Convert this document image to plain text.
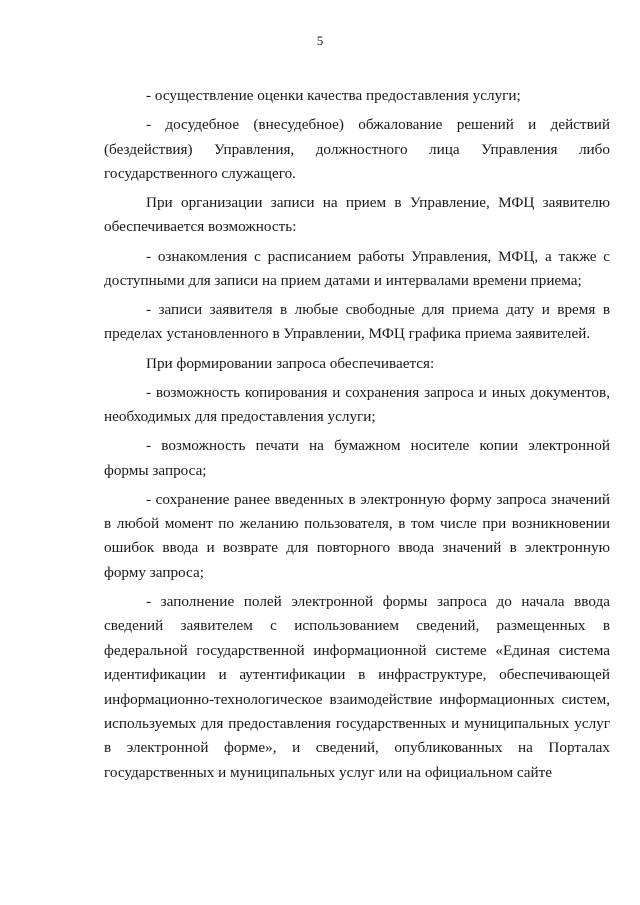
5
- осуществление оценки качества предоставления услуги;
- досудебное (внесудебное) обжалование решений и действий
(бездействия) Управления, должностного лица Управления либо
государственного служащего.
При организации записи на прием в Управление, МФЦ заявителю
обеспечивается возможность:
- ознакомления с расписанием работы Управления, МФЦ, а также с
доступными для записи на прием датами и интервалами времени приема;
- записи заявителя в любые свободные для приема дату и время в
пределах установленного в Управлении, МФЦ графика приема заявителей.
При формировании запроса обеспечивается:
- возможность копирования и сохранения запроса и иных документов,
необходимых для предоставления услуги;
- возможность печати на бумажном носителе копии электронной
формы запроса;
- сохранение ранее введенных в электронную форму запроса значений
в любой момент по желанию пользователя, в том числе при возникновении
ошибок ввода и возврате для повторного ввода значений в электронную
форму запроса;
- заполнение полей электронной формы запроса до начала ввода
сведений заявителем с использованием сведений, размещенных в
федеральной государственной информационной системе «Единая система
идентификации и аутентификации в инфраструктуре, обеспечивающей
информационно-технологическое взаимодействие информационных систем,
используемых для предоставления государственных и муниципальных услуг
в электронной форме», и сведений, опубликованных на Порталах
государственных и муниципальных услуг или на официальном сайте
